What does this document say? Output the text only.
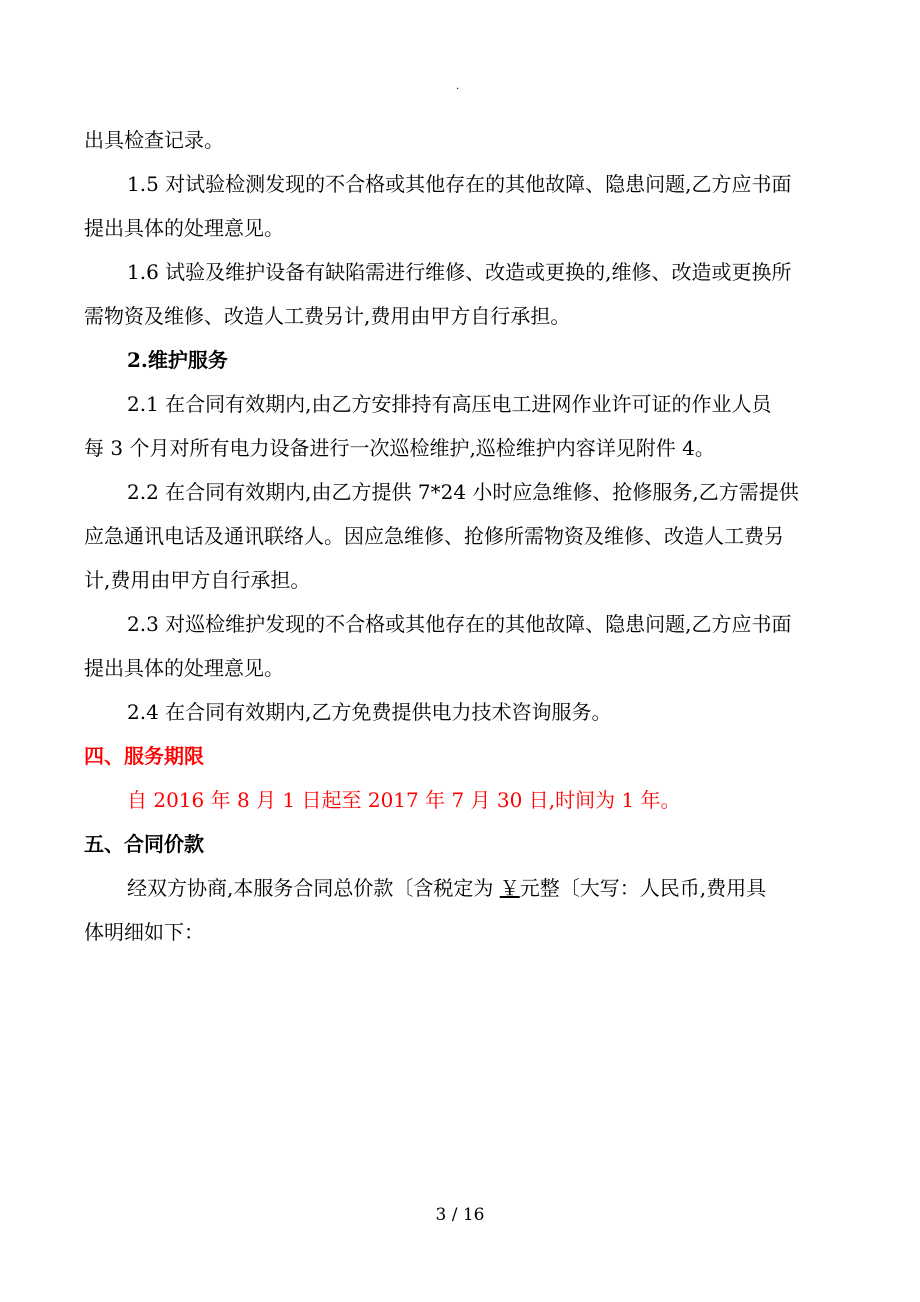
.
出具检查记录。
1.5 对试验检测发现的不合格或其他存在的其他故障、隐患问题,乙方应书面
提出具体的处理意见。
1.6 试验及维护设备有缺陷需进行维修、改造或更换的,维修、改造或更换所
需物资及维修、改造人工费另计,费用由甲方自行承担。
2.维护服务
2.1 在合同有效期内,由乙方安排持有高压电工进网作业许可证的作业人员
每 3 个月对所有电力设备进行一次巡检维护,巡检维护内容详见附件 4。
2.2 在合同有效期内,由乙方提供 7*24 小时应急维修、抢修服务,乙方需提供
应急通讯电话及通讯联络人。因应急维修、抢修所需物资及维修、改造人工费另
计,费用由甲方自行承担。
2.3 对巡检维护发现的不合格或其他存在的其他故障、隐患问题,乙方应书面
提出具体的处理意见。
2.4 在合同有效期内,乙方免费提供电力技术咨询服务。
四、服务期限
自 2016 年 8 月 1 日起至 2017 年 7 月 30 日,时间为 1 年。
五、合同价款
经双方协商,本服务合同总价款〔含税定为 ￥元整〔大写：人民币,费用具
体明细如下：
3 / 16
